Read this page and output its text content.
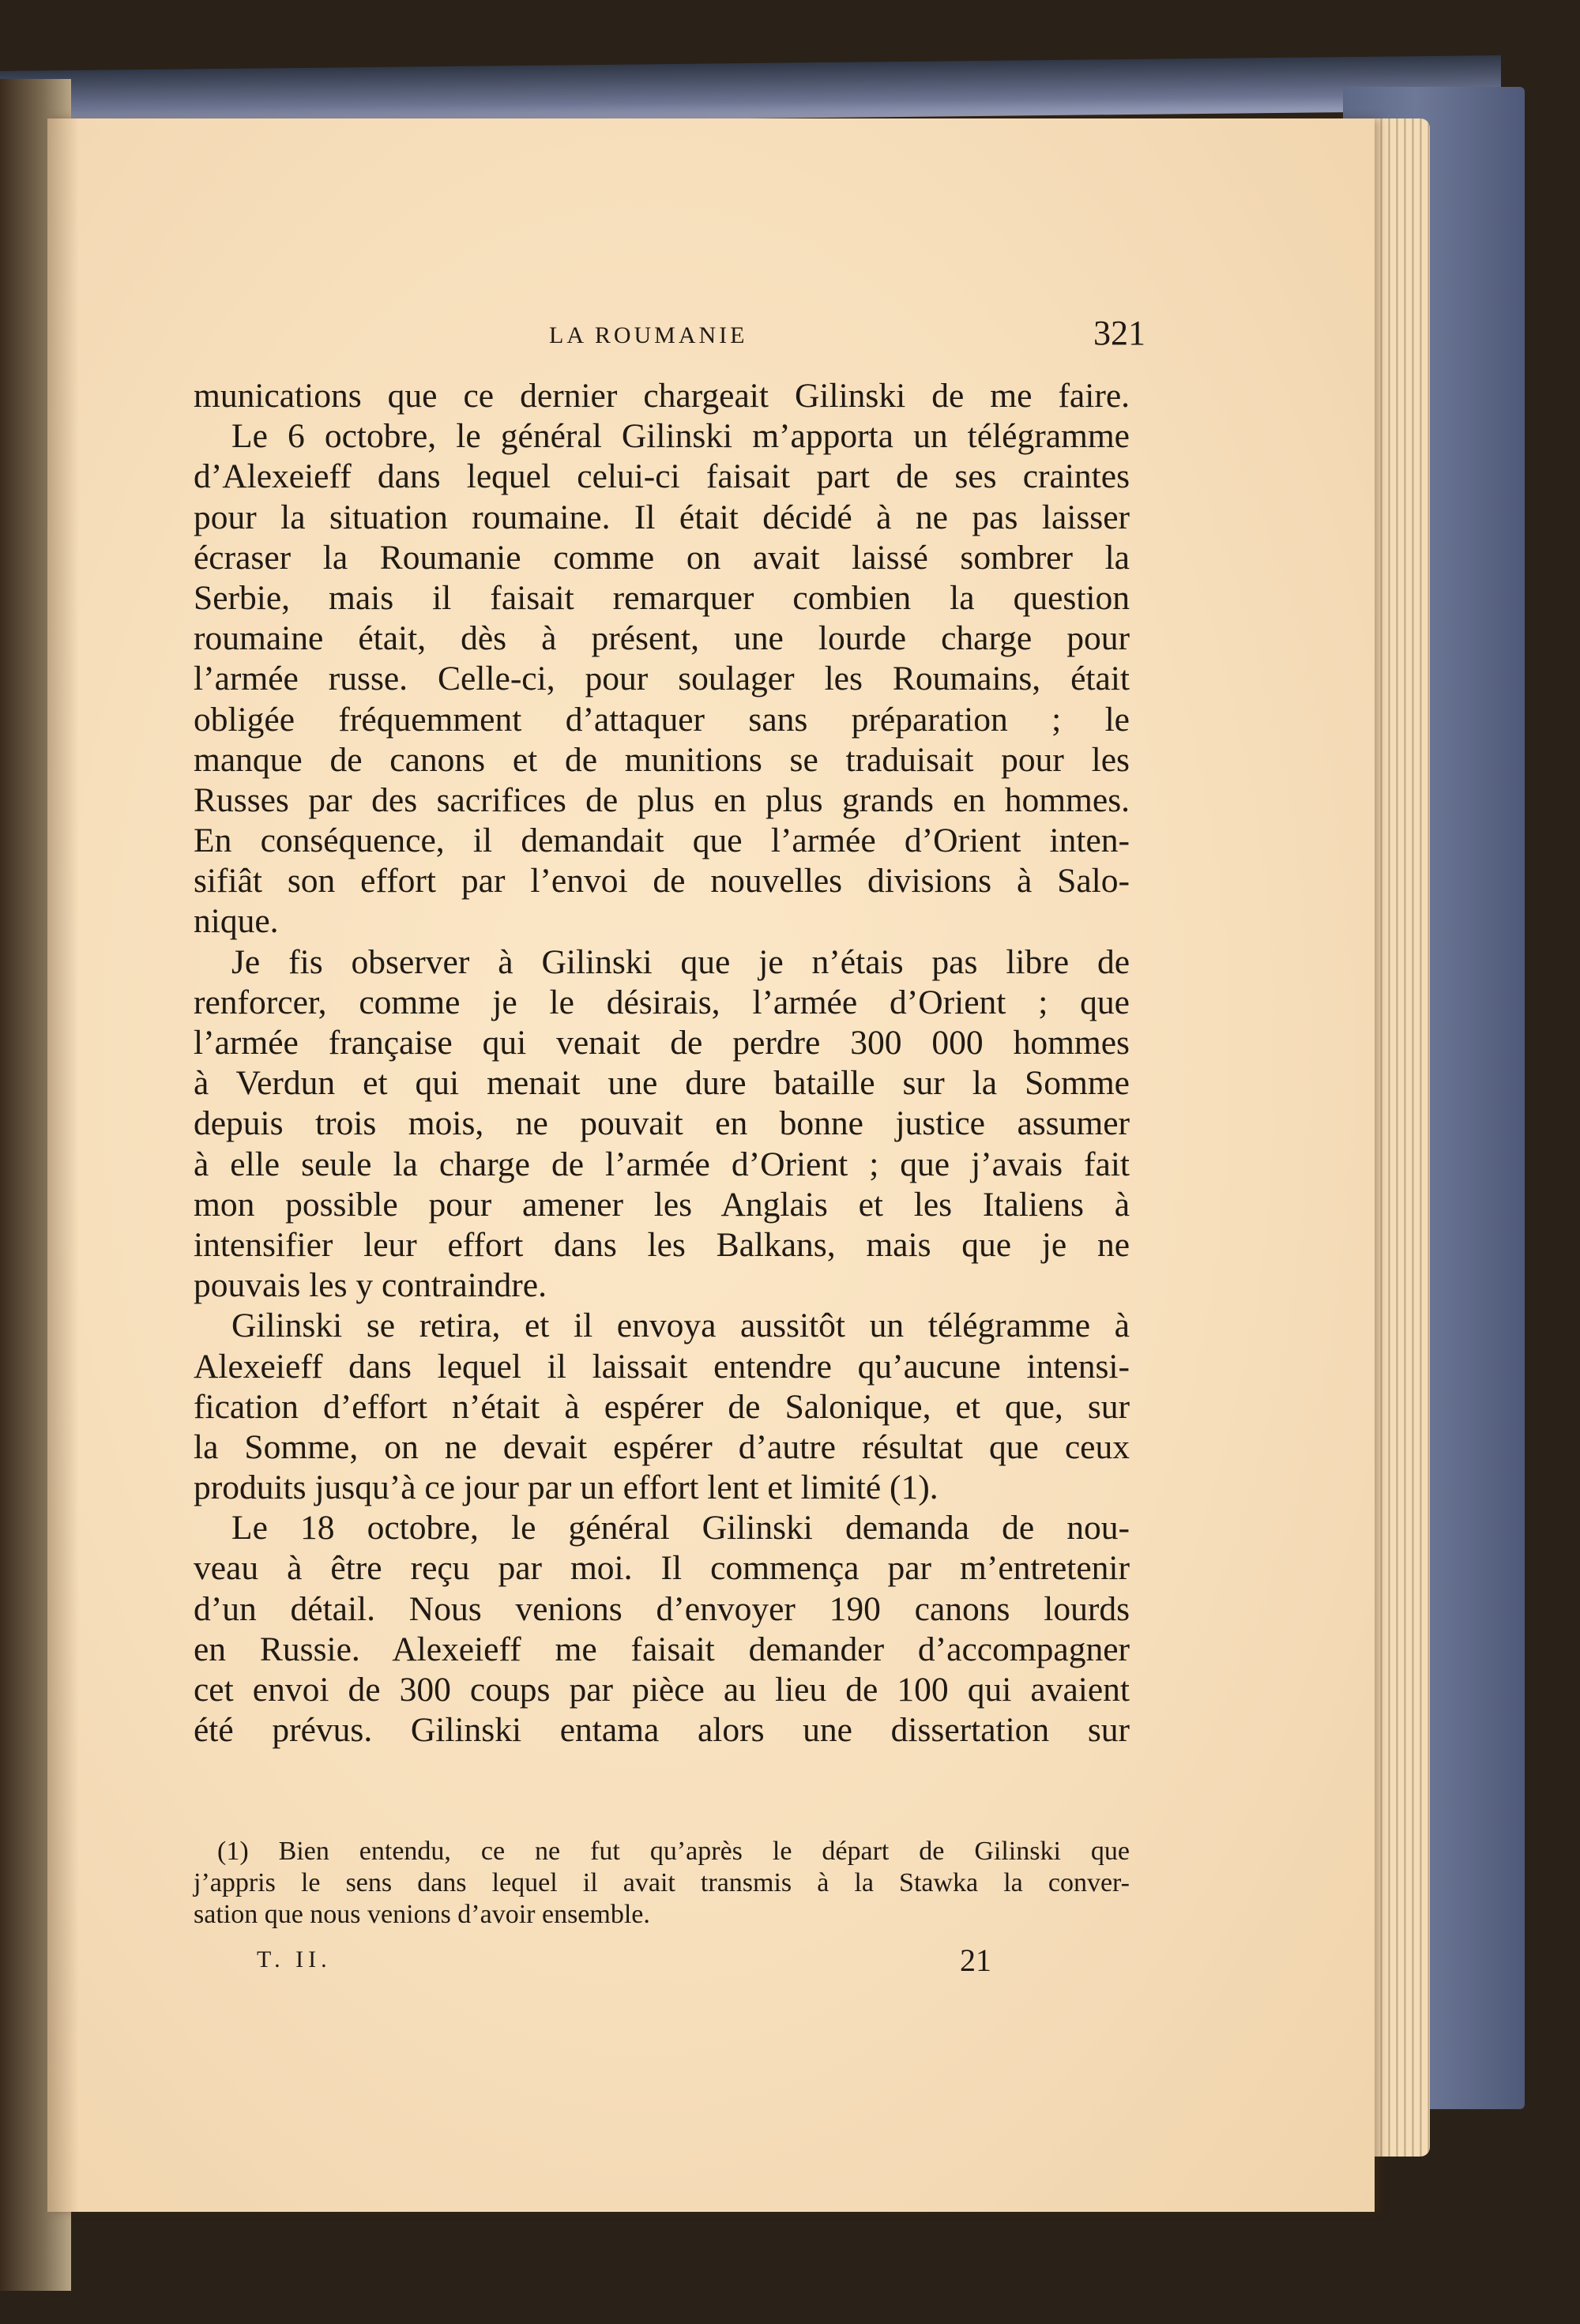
LA ROUMANIE	321
munications que ce dernier chargeait Gilinski de me faire.
Le 6 octobre, le général Gilinski m’apporta un télégramme
d’Alexeieff dans lequel celui-ci faisait part de ses craintes
pour la situation roumaine. Il était décidé à ne pas laisser
écraser la Roumanie comme on avait laissé sombrer la
Serbie, mais il faisait remarquer combien la question
roumaine était, dès à présent, une lourde charge pour
l’armée russe. Celle-ci, pour soulager les Roumains, était
obligée fréquemment d’attaquer sans préparation ; le
manque de canons et de munitions se traduisait pour les
Russes par des sacrifices de plus en plus grands en hommes.
En conséquence, il demandait que l’armée d’Orient inten-
sifiât son effort par l’envoi de nouvelles divisions à Salo-
nique.
Je fis observer à Gilinski que je n’étais pas libre de
renforcer, comme je le désirais, l’armée d’Orient ; que
l’armée française qui venait de perdre 300 000 hommes
à Verdun et qui menait une dure bataille sur la Somme
depuis trois mois, ne pouvait en bonne justice assumer
à elle seule la charge de l’armée d’Orient ; que j’avais fait
mon possible pour amener les Anglais et les Italiens à
intensifier leur effort dans les Balkans, mais que je ne
pouvais les y contraindre.
Gilinski se retira, et il envoya aussitôt un télégramme à
Alexeieff dans lequel il laissait entendre qu’aucune intensi-
fication d’effort n’était à espérer de Salonique, et que, sur
la Somme, on ne devait espérer d’autre résultat que ceux
produits jusqu’à ce jour par un effort lent et limité (1).
Le 18 octobre, le général Gilinski demanda de nou-
veau à être reçu par moi. Il commença par m’entretenir
d’un détail. Nous venions d’envoyer 190 canons lourds
en Russie. Alexeieff me faisait demander d’accompagner
cet envoi de 300 coups par pièce au lieu de 100 qui avaient
été prévus. Gilinski entama alors une dissertation sur
(1) Bien entendu, ce ne fut qu’après le départ de Gilinski que
j’appris le sens dans lequel il avait transmis à la Stawka la conver-
sation que nous venions d’avoir ensemble.
T. II.	21
